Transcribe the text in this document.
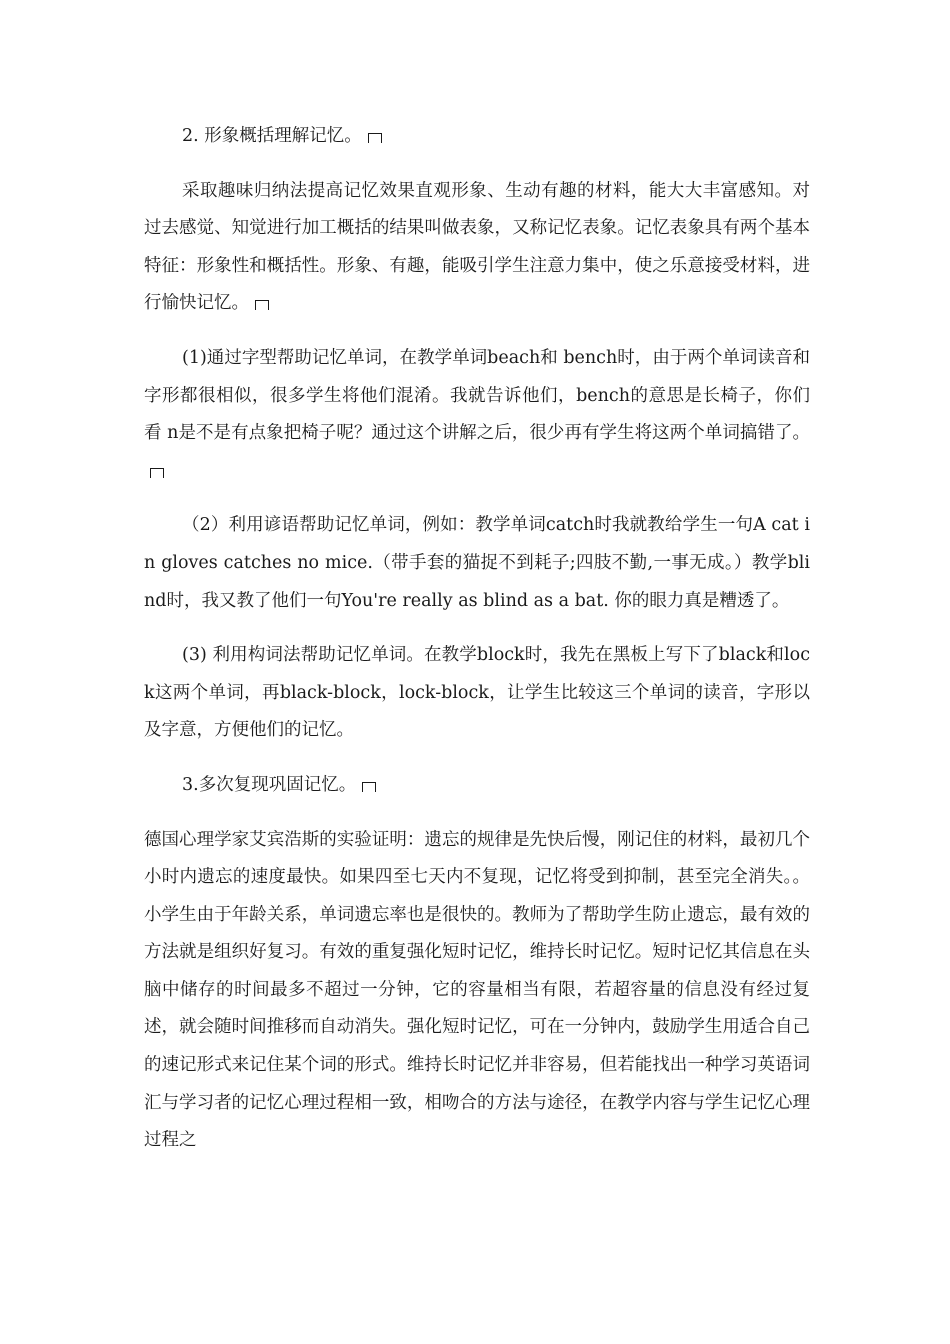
2. 形象概括理解记忆。

采取趣味归纳法提高记忆效果直观形象、生动有趣的材料，能大大丰富感知。对过去感觉、知觉进行加工概括的结果叫做表象，又称记忆表象。记忆表象具有两个基本特征：形象性和概括性。形象、有趣，能吸引学生注意力集中，使之乐意接受材料，进行愉快记忆。

(1)通过字型帮助记忆单词，在教学单词beach和 bench时，由于两个单词读音和字形都很相似，很多学生将他们混淆。我就告诉他们，bench的意思是长椅子，你们看 n是不是有点象把椅子呢？通过这个讲解之后，很少再有学生将这两个单词搞错了。

（2）利用谚语帮助记忆单词，例如：教学单词catch时我就教给学生一句A cat in gloves catches no mice.（带手套的猫捉不到耗子;四肢不勤,一事无成。）教学blind时，我又教了他们一句You're really as blind as a bat. 你的眼力真是糟透了。

(3) 利用构词法帮助记忆单词。在教学block时，我先在黑板上写下了black和lock这两个单词，再black-block，lock-block，让学生比较这三个单词的读音，字形以及字意，方便他们的记忆。

3.多次复现巩固记忆。

德国心理学家艾宾浩斯的实验证明：遗忘的规律是先快后慢，刚记住的材料，最初几个小时内遗忘的速度最快。如果四至七天内不复现，记忆将受到抑制，甚至完全消失。。小学生由于年龄关系，单词遗忘率也是很快的。教师为了帮助学生防止遗忘，最有效的方法就是组织好复习。有效的重复强化短时记忆，维持长时记忆。短时记忆其信息在头脑中储存的时间最多不超过一分钟，它的容量相当有限，若超容量的信息没有经过复述，就会随时间推移而自动消失。强化短时记忆，可在一分钟内，鼓励学生用适合自己的速记形式来记住某个词的形式。维持长时记忆并非容易，但若能找出一种学习英语词汇与学习者的记忆心理过程相一致，相吻合的方法与途径，在教学内容与学生记忆心理过程之
